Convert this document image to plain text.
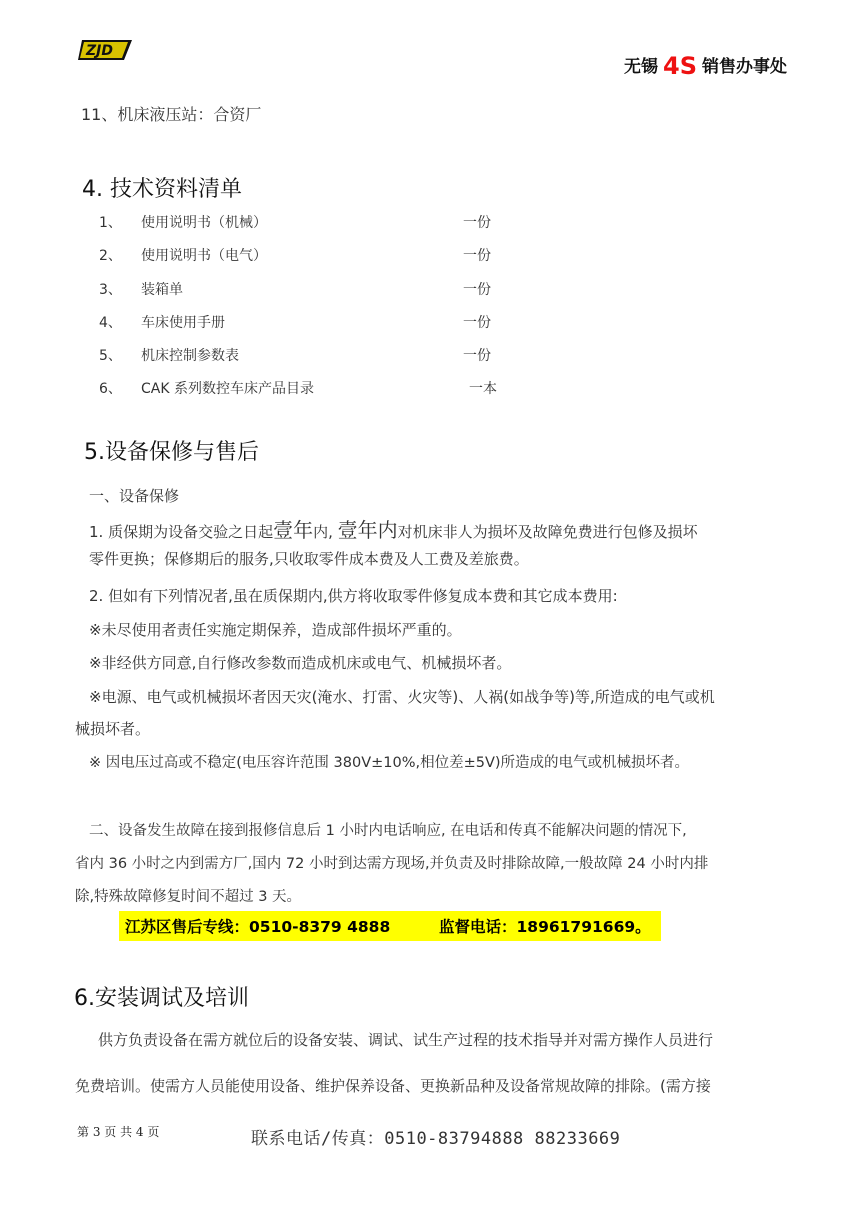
ZJD
无锡 4S 销售办事处
11、机床液压站：合资厂
4. 技术资料清单
1、 使用说明书（机械）	一份
2、 使用说明书（电气）	一份
3、 装箱单	一份
4、 车床使用手册	一份
5、 机床控制参数表	一份
6、 CAK 系列数控车床产品目录	一本
5.设备保修与售后
一、设备保修
1. 质保期为设备交验之日起壹年内, 壹年内对机床非人为损坏及故障免费进行包修及损坏
零件更换；保修期后的服务,只收取零件成本费及人工费及差旅费。
2. 但如有下列情况者,虽在质保期内,供方将收取零件修复成本费和其它成本费用:
※未尽使用者责任实施定期保养，造成部件损坏严重的。
※非经供方同意,自行修改参数而造成机床或电气、机械损坏者。
※电源、电气或机械损坏者因天灾(淹水、打雷、火灾等)、人祸(如战争等)等,所造成的电气或机
械损坏者。
※ 因电压过高或不稳定(电压容许范围 380V±10%,相位差±5V)所造成的电气或机械损坏者。
二、设备发生故障在接到报修信息后 1 小时内电话响应, 在电话和传真不能解决问题的情况下,
省内 36 小时之内到需方厂,国内 72 小时到达需方现场,并负责及时排除故障,一般故障 24 小时内排
除,特殊故障修复时间不超过 3 天。
江苏区售后专线：0510-8379 4888	监督电话：18961791669。
6.安装调试及培训
供方负责设备在需方就位后的设备安装、调试、试生产过程的技术指导并对需方操作人员进行
免费培训。使需方人员能使用设备、维护保养设备、更换新品种及设备常规故障的排除。(需方接
第 3 页 共 4 页	联系电话/传真：0510-83794888 88233669
